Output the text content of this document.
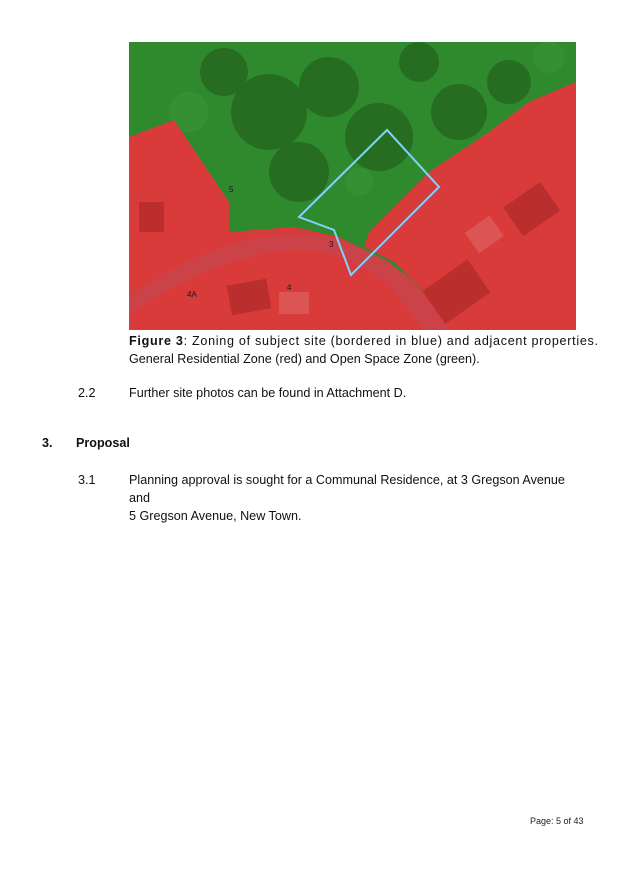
5
3
4A
4
Figure 3: Zoning of subject site (bordered in blue) and adjacent properties.
General Residential Zone (red) and Open Space Zone (green).
2.2	Further site photos can be found in Attachment D.
3. Proposal
3.1	Planning approval is sought for a Communal Residence, at 3 Gregson Avenue and
5 Gregson Avenue, New Town.
Page: 5 of 43
